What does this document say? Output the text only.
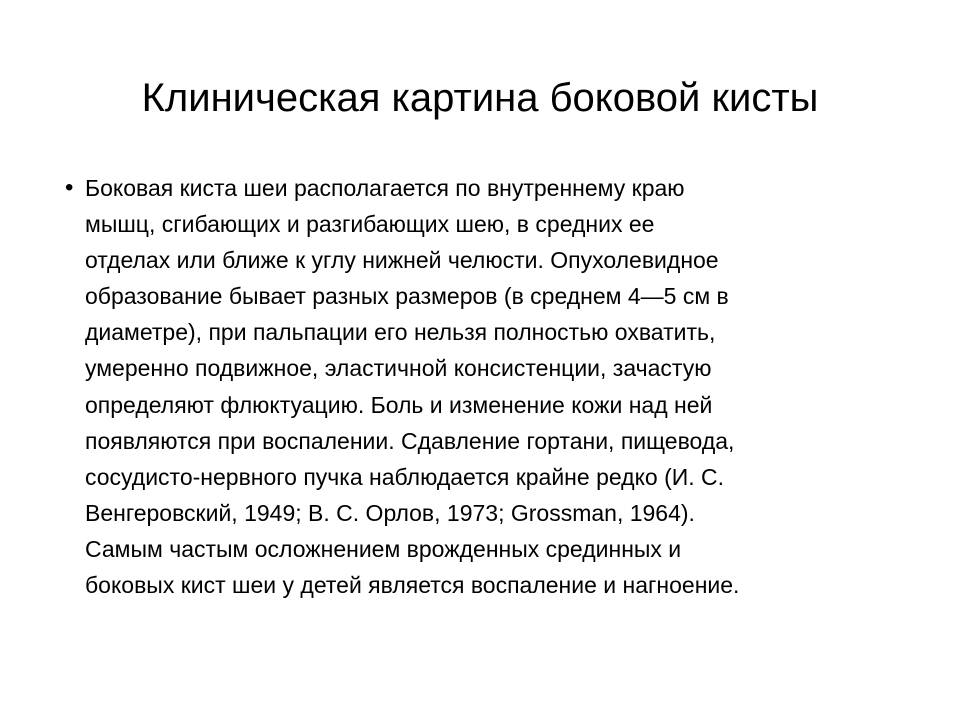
Клиническая картина боковой кисты
• Боковая киста шеи располагается по внутреннему краю
мышц, сгибающих и разгибающих шею, в средних ее
отделах или ближе к углу нижней челюсти. Опухолевидное
образование бывает разных размеров (в среднем 4—5 см в
диаметре), при пальпации его нельзя полностью охватить,
умеренно подвижное, эластичной консистенции, зачастую
определяют флюктуацию. Боль и изменение кожи над ней
появляются при воспалении. Сдавление гортани, пищевода,
сосудисто-нервного пучка наблюдается крайне редко (И. С.
Венгеровский, 1949; В. С. Орлов, 1973; Grossman, 1964).
Самым частым осложнением врожденных срединных и
боковых кист шеи у детей является воспаление и нагноение.
